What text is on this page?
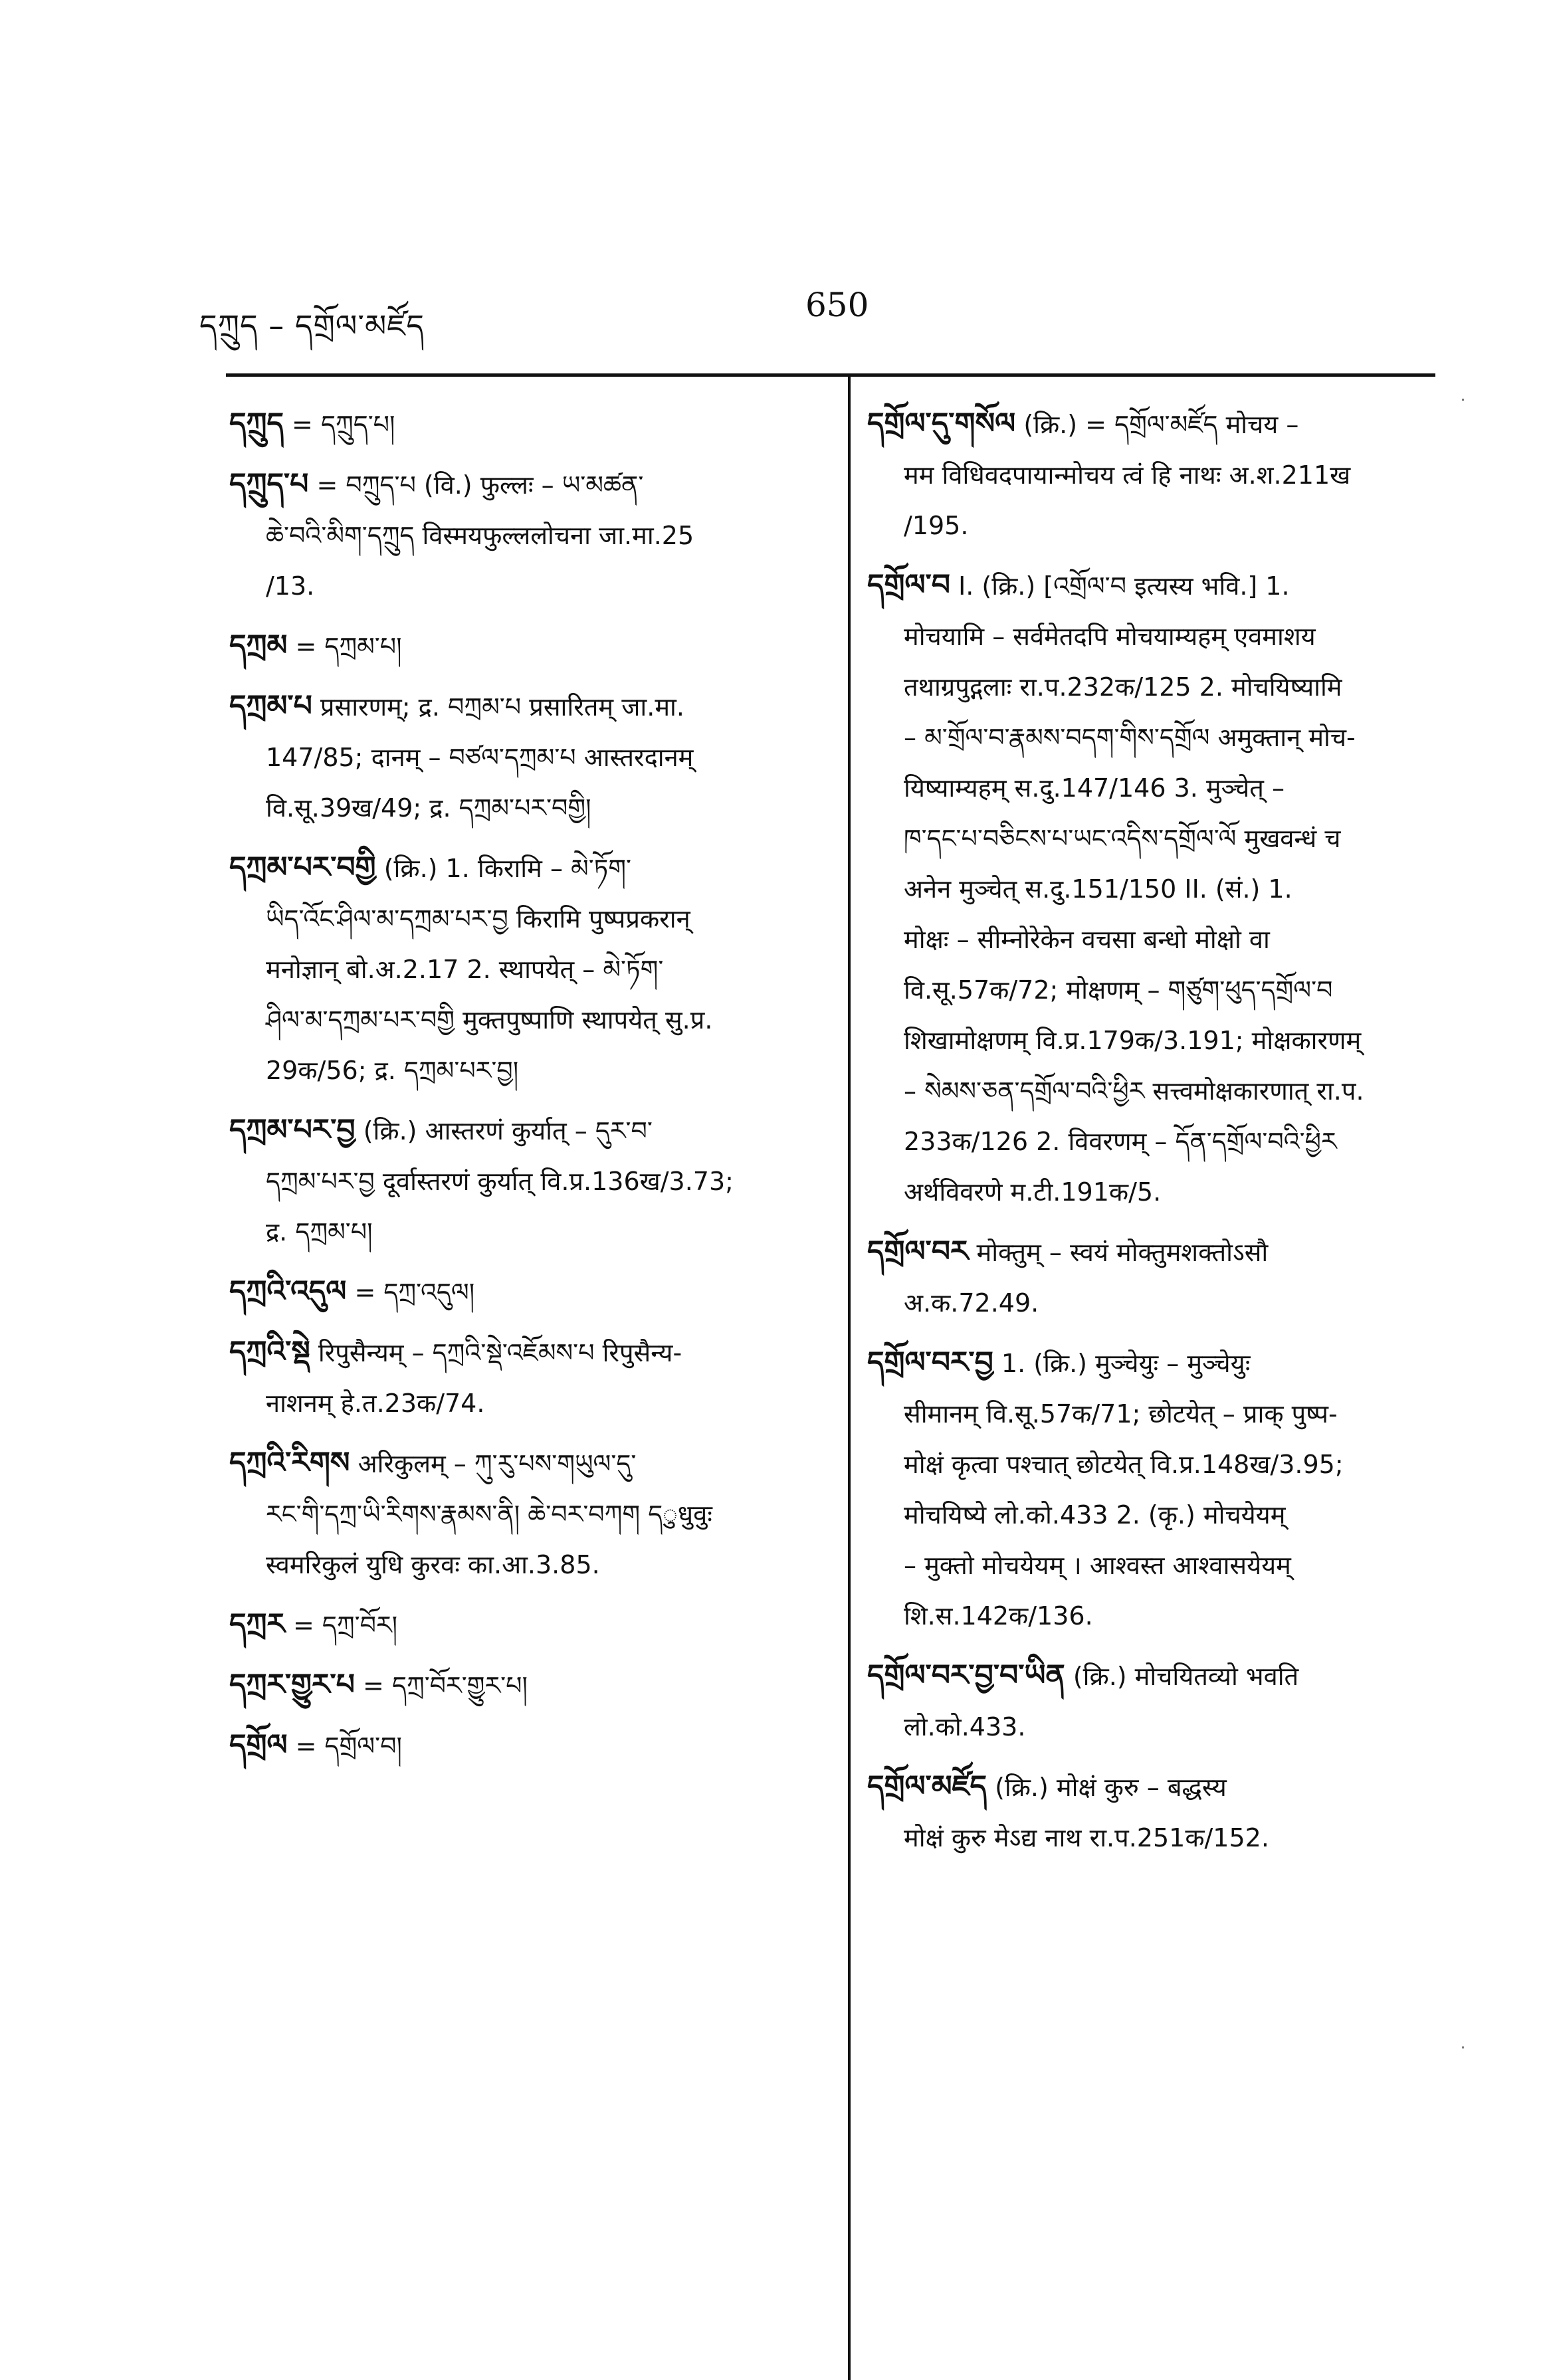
དཀྲུད – དགྲོལ་མཛོད
650
དཀྲུད = དཀྲུད་པ།
དཀྲུད་པ = བཀྲུད་པ (वि.) फुल्लः – ཡ་མཚན་
ཆེ་བའི་མིག་དཀྲུད विस्मयफुल्ललोचना जा.मा.25
/13.
དཀྲམ = དཀྲམ་པ།
དཀྲམ་པ प्रसारणम्; द्र. བཀྲམ་པ प्रसारितम् जा.मा.
147/85; दानम् – བཙལ་དཀྲམ་པ आस्तरदानम्
वि.सू.39ख/49; द्र. དཀྲམ་པར་བགྱི།
དཀྲམ་པར་བགྱི (क्रि.) 1. किरामि – མེ་ཏོག་
ཡིད་འོང་ཤིལ་མ་དཀྲམ་པར་བྱ किरामि पुष्पप्रकरान्
मनोज्ञान् बो.अ.2.17 2. स्थापयेत् – མེ་ཏོག་
ཤིལ་མ་དཀྲམ་པར་བགྱི मुक्तपुष्पाणि स्थापयेत् सु.प्र.
29क/56; द्र. དཀྲམ་པར་བྱ།
དཀྲམ་པར་བྱ (क्रि.) आस्तरणं कुर्यात् – དུར་བ་
དཀྲམ་པར་བྱ दूर्वास्तरणं कुर्यात् वि.प्र.136ख/3.73;
द्र. དཀྲམ་པ།
དཀྲའི་འདུལ = དཀྲ་འདུལ།
དཀྲའི་སྡེ रिपुसैन्यम् – དཀྲའི་སྡེ་འཇོམས་པ रिपुसैन्य-
नाशनम् हे.त.23क/74.
དཀྲའི་རིགས अरिकुलम् – ཀུ་རུ་པས་གཡུལ་དུ་
རང་གི་དཀྲ་ཡི་རིགས་རྣམས་ནི། ཆེ་བར་བཀག དुधुवुः
स्वमरिकुलं युधि कुरवः का.आ.3.85.
དཀྲར = དཀྲ་བོར།
དཀྲར་གྱུར་པ = དཀྲ་བོར་གྱུར་པ།
དགྲོལ = དགྲོལ་བ།
དགྲོལ་དུ་གསོལ (क्रि.) = དགྲོལ་མཛོད मोचय –
मम विधिवदपायान्मोचय त्वं हि नाथः अ.श.211ख
/195.
དགྲོལ་བ I. (क्रि.) [འགྲོལ་བ इत्यस्य भवि.] 1.
मोचयामि – सर्वमेतदपि मोचयाम्यहम् एवमाशय
तथाग्रपुद्गलाः रा.प.232क/125 2. मोचयिष्यामि
– མ་གྲོལ་བ་རྣམས་བདག་གིས་དགྲོལ अमुक्तान् मोच-
यिष्याम्यहम् स.दु.147/146 3. मुञ्चेत् –
ཁ་དང་པ་བཅིངས་པ་ཡང་འདིས་དགྲོལ་ལོ मुखवन्धं च
अनेन मुञ्चेत् स.दु.151/150 II. (सं.) 1.
मोक्षः – सीम्नोरेकेन वचसा बन्धो मोक्षो वा
वि.सू.57क/72; मोक्षणम् – གཙུག་ཕུད་དགྲོལ་བ
शिखामोक्षणम् वि.प्र.179क/3.191; मोक्षकारणम्
– སེམས་ཅན་དགྲོལ་བའི་ཕྱིར सत्त्वमोक्षकारणात् रा.प.
233क/126 2. विवरणम् – དོན་དགྲོལ་བའི་ཕྱིར
अर्थविवरणे म.टी.191क/5.
དགྲོལ་བར मोक्तुम् – स्वयं मोक्तुमशक्तोऽसौ
अ.क.72.49.
དགྲོལ་བར་བྱ 1. (क्रि.) मुञ्चेयुः – मुञ्चेयुः
सीमानम् वि.सू.57क/71; छोटयेत् – प्राक् पुष्प-
मोक्षं कृत्वा पश्चात् छोटयेत् वि.प्र.148ख/3.95;
मोचयिष्ये लो.को.433 2. (कृ.) मोचयेयम्
– मुक्तो मोचयेयम् । आश्वस्त आश्वासयेयम्
शि.स.142क/136.
དགྲོལ་བར་བྱ་བ་ཡིན (क्रि.) मोचयितव्यो भवति
लो.को.433.
དགྲོལ་མཛོད (क्रि.) मोक्षं कुरु – बद्धस्य
मोक्षं कुरु मेऽद्य नाथ रा.प.251क/152.
